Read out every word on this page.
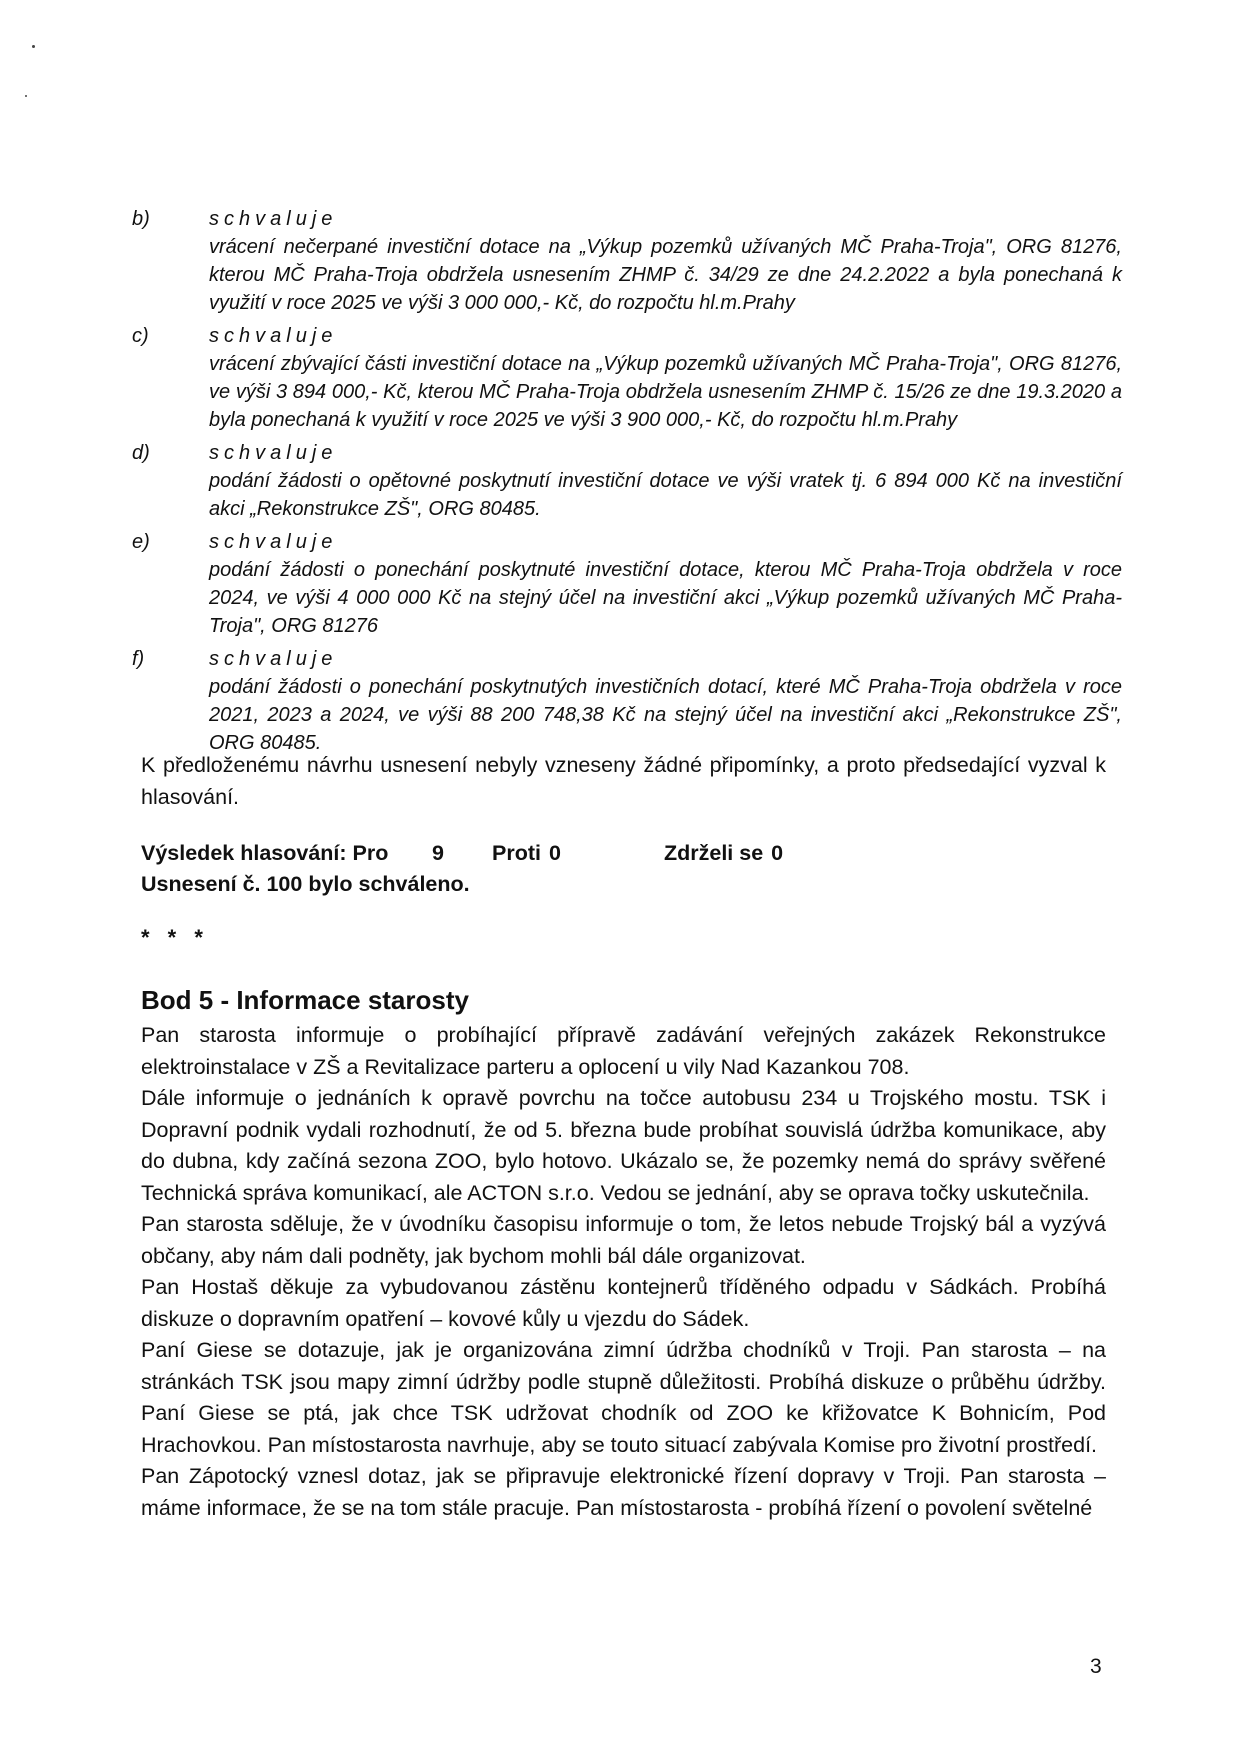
b)	schvaluje
vrácení nečerpané investiční dotace na „Výkup pozemků užívaných MČ Praha-Troja", ORG 81276, kterou MČ Praha-Troja obdržela usnesením ZHMP č. 34/29 ze dne 24.2.2022 a byla ponechaná k využití v roce 2025 ve výši 3 000 000,- Kč, do rozpočtu hl.m.Prahy
c)	schvaluje
vrácení zbývající části investiční dotace na „Výkup pozemků užívaných MČ Praha-Troja", ORG 81276, ve výši 3 894 000,- Kč, kterou MČ Praha-Troja obdržela usnesením ZHMP č. 15/26 ze dne 19.3.2020 a byla ponechaná k využití v roce 2025 ve výši 3 900 000,- Kč, do rozpočtu hl.m.Prahy
d)	schvaluje
podání žádosti o opětovné poskytnutí investiční dotace ve výši vratek tj. 6 894 000 Kč na investiční akci „Rekonstrukce ZŠ", ORG 80485.
e)	schvaluje
podání žádosti o ponechání poskytnuté investiční dotace, kterou MČ Praha-Troja obdržela v roce 2024, ve výši 4 000 000 Kč na stejný účel na investiční akci „Výkup pozemků užívaných MČ Praha-Troja", ORG 81276
f)	schvaluje
podání žádosti o ponechání poskytnutých investičních dotací, které MČ Praha-Troja obdržela v roce 2021, 2023 a 2024, ve výši 88 200 748,38 Kč na stejný účel na investiční akci „Rekonstrukce ZŠ", ORG 80485.
K předloženému návrhu usnesení nebyly vzneseny žádné připomínky, a proto předsedající vyzval k hlasování.
Výsledek hlasování: Pro	9	Proti 0	Zdrželi se 0
Usnesení č. 100 bylo schváleno.
* * *
Bod 5 - Informace starosty

Pan starosta informuje o probíhající přípravě zadávání veřejných zakázek Rekonstrukce elektroinstalace v ZŠ a Revitalizace parteru a oplocení u vily Nad Kazankou 708.

Dále informuje o jednáních k opravě povrchu na točce autobusu 234 u Trojského mostu. TSK i Dopravní podnik vydali rozhodnutí, že od 5. března bude probíhat souvislá údržba komunikace, aby do dubna, kdy začíná sezona ZOO, bylo hotovo. Ukázalo se, že pozemky nemá do správy svěřené Technická správa komunikací, ale ACTON s.r.o. Vedou se jednání, aby se oprava točky uskutečnila.

Pan starosta sděluje, že v úvodníku časopisu informuje o tom, že letos nebude Trojský bál a vyzývá občany, aby nám dali podněty, jak bychom mohli bál dále organizovat.

Pan Hostaš děkuje za vybudovanou zástěnu kontejnerů tříděného odpadu v Sádkách. Probíhá diskuze o dopravním opatření – kovové kůly u vjezdu do Sádek.

Paní Giese se dotazuje, jak je organizována zimní údržba chodníků v Troji. Pan starosta – na stránkách TSK jsou mapy zimní údržby podle stupně důležitosti. Probíhá diskuze o průběhu údržby. Paní Giese se ptá, jak chce TSK udržovat chodník od ZOO ke křižovatce K Bohnicím, Pod Hrachovkou. Pan místostarosta navrhuje, aby se touto situací zabývala Komise pro životní prostředí.

Pan Zápotocký vznesl dotaz, jak se připravuje elektronické řízení dopravy v Troji. Pan starosta – máme informace, že se na tom stále pracuje. Pan místostarosta - probíhá řízení o povolení světelné

3
